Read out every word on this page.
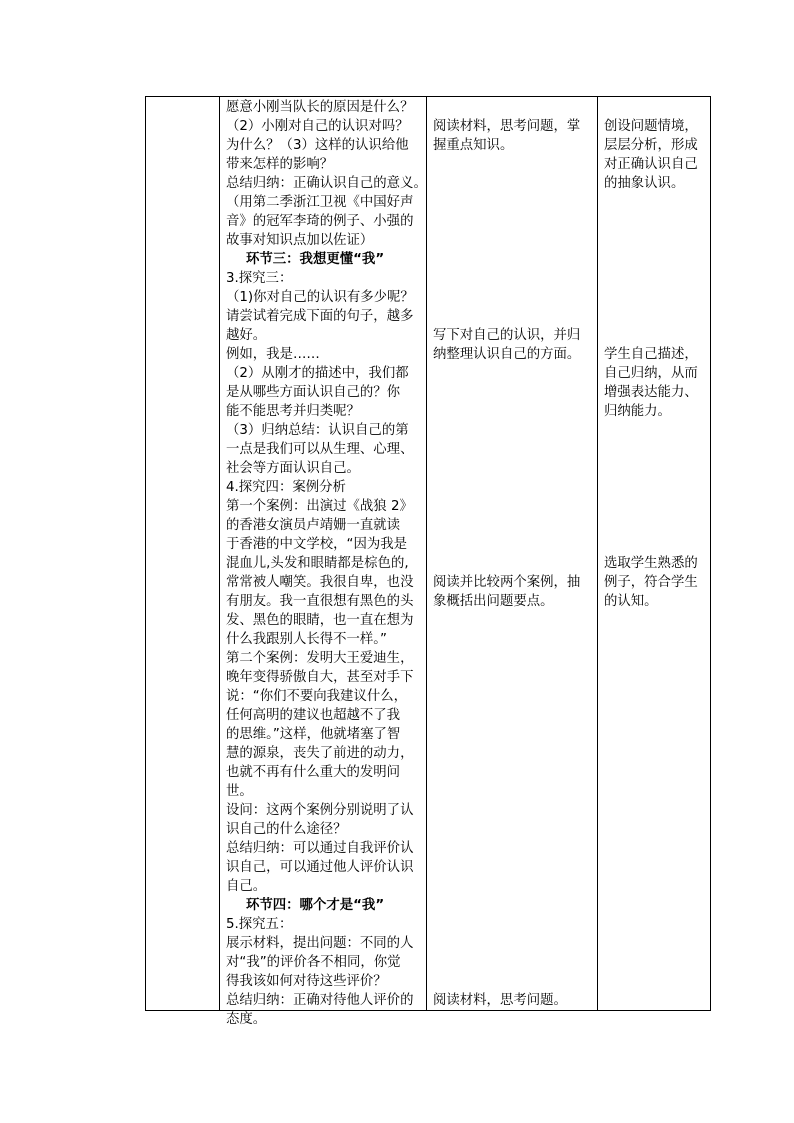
愿意小刚当队长的原因是什么？
（2）小刚对自己的认识对吗？
为什么？（3）这样的认识给他
带来怎样的影响？
总结归纳：正确认识自己的意义。
（用第二季浙江卫视《中国好声
音》的冠军李琦的例子、小强的
故事对知识点加以佐证）
环节三：我想更懂“我”
3.探究三：
（1)你对自己的认识有多少呢？
请尝试着完成下面的句子，越多
越好。
例如，我是……
（2）从刚才的描述中，我们都
是从哪些方面认识自己的？你
能不能思考并归类呢？
（3）归纳总结：认识自己的第
一点是我们可以从生理、心理、
社会等方面认识自己。
4.探究四：案例分析
第一个案例：出演过《战狼 2》
的香港女演员卢靖姗一直就读
于香港的中文学校，“因为我是
混血儿,头发和眼睛都是棕色的,
常常被人嘲笑。我很自卑，也没
有朋友。我一直很想有黑色的头
发、黑色的眼睛，也一直在想为
什么我跟别人长得不一样。”
第二个案例：发明大王爱迪生，
晚年变得骄傲自大，甚至对手下
说：“你们不要向我建议什么，
任何高明的建议也超越不了我
的思维。”这样，他就堵塞了智
慧的源泉，丧失了前进的动力，
也就不再有什么重大的发明问
世。
设问：这两个案例分别说明了认
识自己的什么途径？
总结归纳：可以通过自我评价认
识自己，可以通过他人评价认识
自己。
环节四：哪个才是“我”
5.探究五：
展示材料，提出问题：不同的人
对“我”的评价各不相同，你觉
得我该如何对待这些评价？
总结归纳：正确对待他人评价的
态度。
阅读材料，思考问题，掌
握重点知识。
写下对自己的认识，并归
纳整理认识自己的方面。
阅读并比较两个案例，抽
象概括出问题要点。
阅读材料，思考问题。
创设问题情境，
层层分析，形成
对正确认识自己
的抽象认识。
学生自己描述，
自己归纳，从而
增强表达能力、
归纳能力。
选取学生熟悉的
例子，符合学生
的认知。
